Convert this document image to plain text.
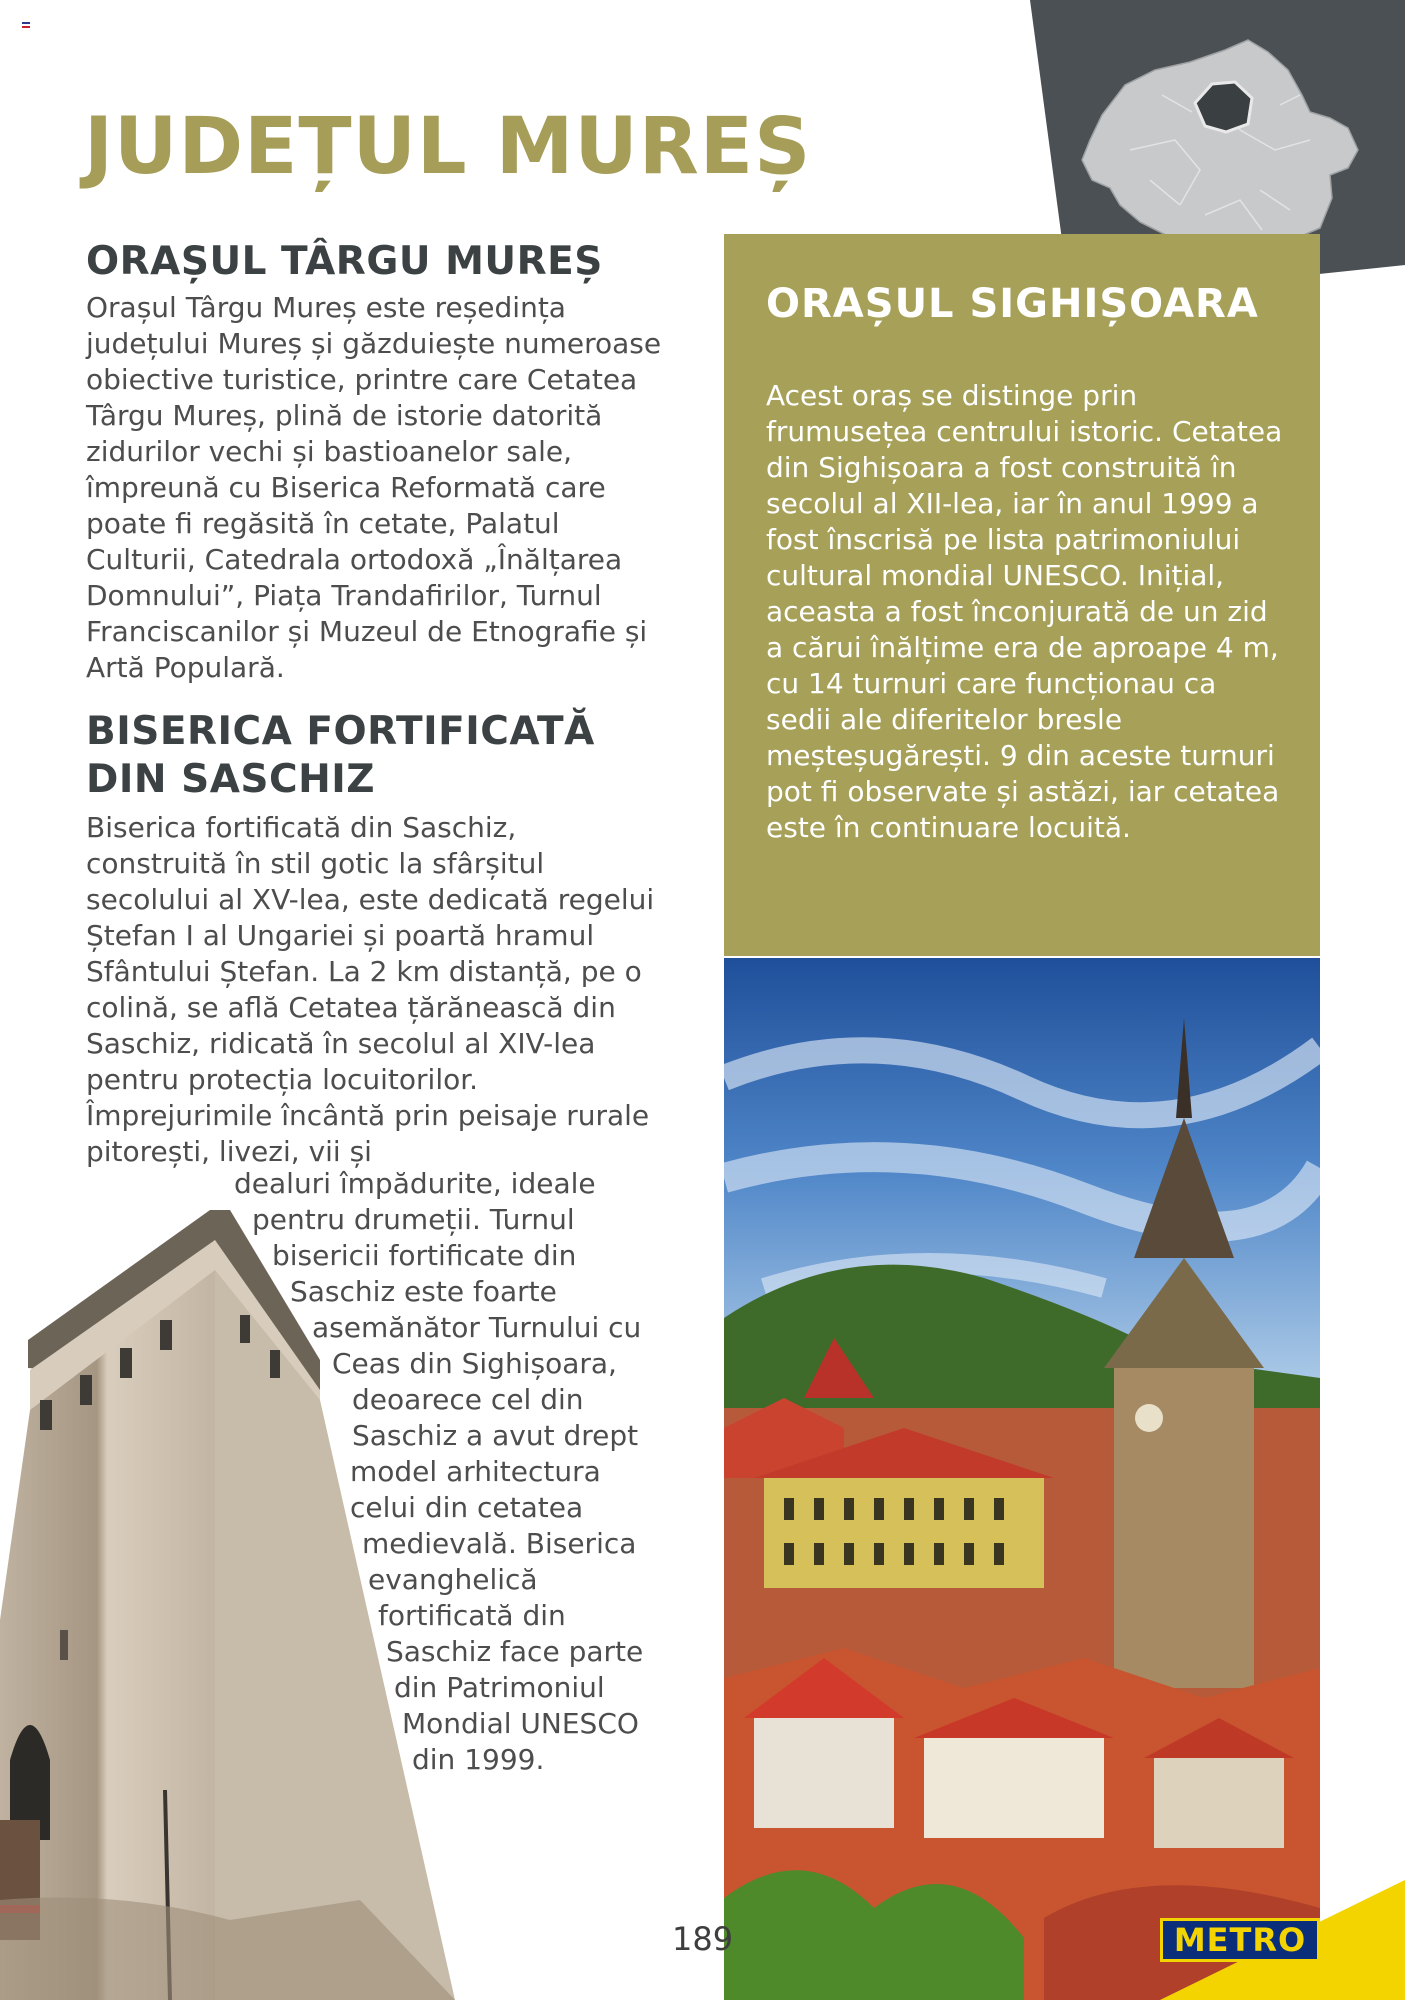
JUDEȚUL MUREȘ
ORAȘUL TÂRGU MUREȘ

Orașul Târgu Mureș este reședința județului Mureș și găzduiește numeroase obiective turistice, printre care Cetatea Târgu Mureș, plină de istorie datorită zidurilor vechi și bastioanelor sale, împreună cu Biserica Reformată care poate fi regăsită în cetate, Palatul Culturii, Catedrala ortodoxă „Înălțarea Domnului”, Piața Trandafirilor, Turnul Franciscanilor și Muzeul de Etnografie și Artă Populară.

BISERICA FORTIFICATĂ DIN SASCHIZ

Biserica fortificată din Saschiz, construită în stil gotic la sfârșitul secolului al XV-lea, este dedicată regelui Ștefan I al Ungariei și poartă hramul Sfântului Ștefan. La 2 km distanță, pe o colină, se află Cetatea țărănească din Saschiz, ridicată în secolul al XIV-lea pentru protecția locuitorilor. Împrejurimile încântă prin peisaje rurale pitorești, livezi, vii și

dealuri împădurite, ideale
pentru drumeții. Turnul
bisericii fortificate din
Saschiz este foarte
asemănător Turnului cu
Ceas din Sighișoara,
deoarece cel din
Saschiz a avut drept
model arhitectura
celui din cetatea
medievală. Biserica
evanghelică
fortificată din
Saschiz face parte
din Patrimoniul
Mondial UNESCO
din 1999.
ORAȘUL SIGHIȘOARA

Acest oraș se distinge prin frumusețea centrului istoric. Cetatea din Sighișoara a fost construită în secolul al XII-lea, iar în anul 1999 a fost înscrisă pe lista patrimoniului cultural mondial UNESCO. Inițial, aceasta a fost înconjurată de un zid a cărui înălțime era de aproape 4 m, cu 14 turnuri care funcționau ca sedii ale diferitelor bresle meșteșugărești. 9 din aceste turnuri pot fi observate și astăzi, iar cetatea este în continuare locuită.

189	METRO
